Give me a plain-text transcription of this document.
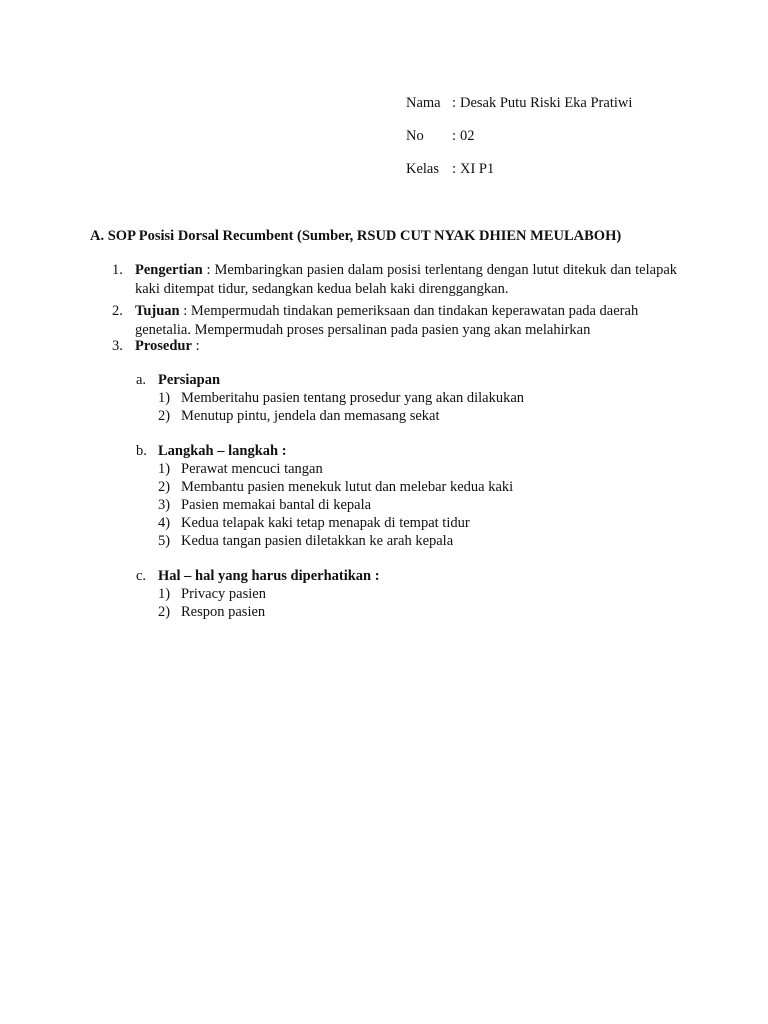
Nama : Desak Putu Riski Eka Pratiwi
No : 02
Kelas : XI P1
A. SOP Posisi Dorsal Recumbent (Sumber, RSUD CUT NYAK DHIEN MEULABOH)
1. Pengertian : Membaringkan pasien dalam posisi terlentang dengan lutut ditekuk dan telapak kaki ditempat tidur, sedangkan kedua belah kaki direnggangkan.
2. Tujuan : Mempermudah tindakan pemeriksaan dan tindakan keperawatan pada daerah genetalia. Mempermudah proses persalinan pada pasien yang akan melahirkan
3. Prosedur :
a. Persiapan
1) Memberitahu pasien tentang prosedur yang akan dilakukan
2) Menutup pintu, jendela dan memasang sekat
b. Langkah – langkah :
1) Perawat mencuci tangan
2) Membantu pasien menekuk lutut dan melebar kedua kaki
3) Pasien memakai bantal di kepala
4) Kedua telapak kaki tetap menapak di tempat tidur
5) Kedua tangan pasien diletakkan ke arah kepala
c. Hal – hal yang harus diperhatikan :
1) Privacy pasien
2) Respon pasien
